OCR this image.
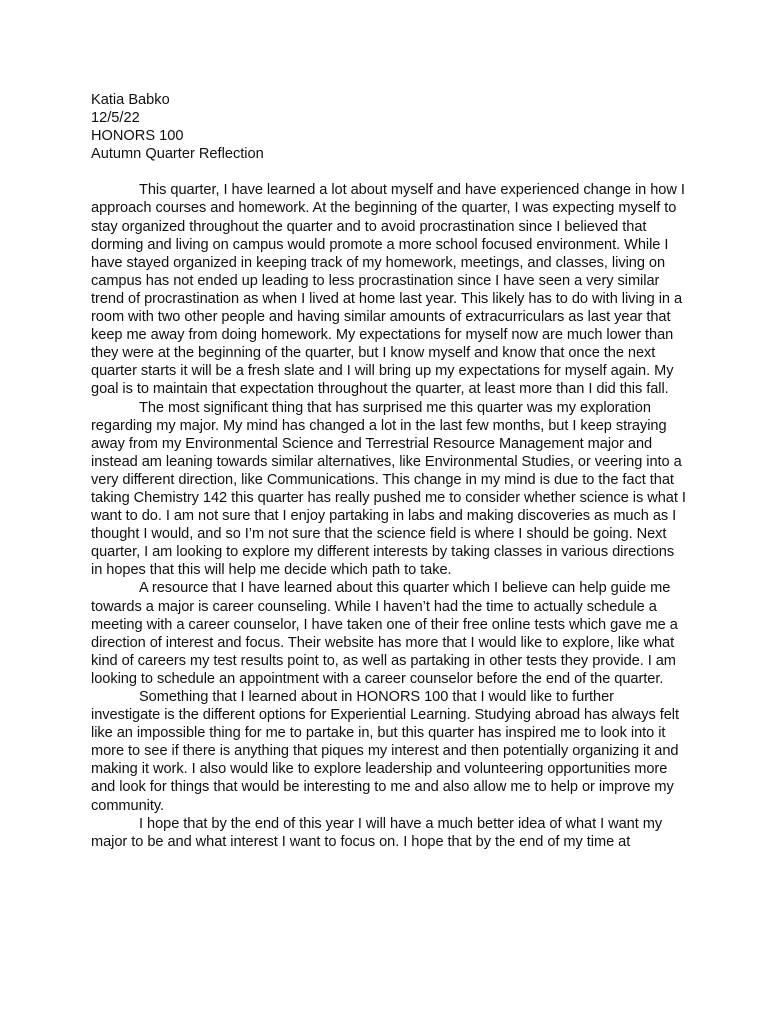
Katia Babko

12/5/22

HONORS 100

Autumn Quarter Reflection

This quarter, I have learned a lot about myself and have experienced change in how I approach courses and homework. At the beginning of the quarter, I was expecting myself to stay organized throughout the quarter and to avoid procrastination since I believed that dorming and living on campus would promote a more school focused environment. While I have stayed organized in keeping track of my homework, meetings, and classes, living on campus has not ended up leading to less procrastination since I have seen a very similar trend of procrastination as when I lived at home last year. This likely has to do with living in a room with two other people and having similar amounts of extracurriculars as last year that keep me away from doing homework. My expectations for myself now are much lower than they were at the beginning of the quarter, but I know myself and know that once the next quarter starts it will be a fresh slate and I will bring up my expectations for myself again. My goal is to maintain that expectation throughout the quarter, at least more than I did this fall.

The most significant thing that has surprised me this quarter was my exploration regarding my major. My mind has changed a lot in the last few months, but I keep straying away from my Environmental Science and Terrestrial Resource Management major and instead am leaning towards similar alternatives, like Environmental Studies, or veering into a very different direction, like Communications. This change in my mind is due to the fact that taking Chemistry 142 this quarter has really pushed me to consider whether science is what I want to do. I am not sure that I enjoy partaking in labs and making discoveries as much as I thought I would, and so I’m not sure that the science field is where I should be going. Next quarter, I am looking to explore my different interests by taking classes in various directions in hopes that this will help me decide which path to take.

A resource that I have learned about this quarter which I believe can help guide me towards a major is career counseling. While I haven’t had the time to actually schedule a meeting with a career counselor, I have taken one of their free online tests which gave me a direction of interest and focus. Their website has more that I would like to explore, like what kind of careers my test results point to, as well as partaking in other tests they provide. I am looking to schedule an appointment with a career counselor before the end of the quarter.

Something that I learned about in HONORS 100 that I would like to further investigate is the different options for Experiential Learning. Studying abroad has always felt like an impossible thing for me to partake in, but this quarter has inspired me to look into it more to see if there is anything that piques my interest and then potentially organizing it and making it work. I also would like to explore leadership and volunteering opportunities more and look for things that would be interesting to me and also allow me to help or improve my community.

I hope that by the end of this year I will have a much better idea of what I want my major to be and what interest I want to focus on. I hope that by the end of my time at
